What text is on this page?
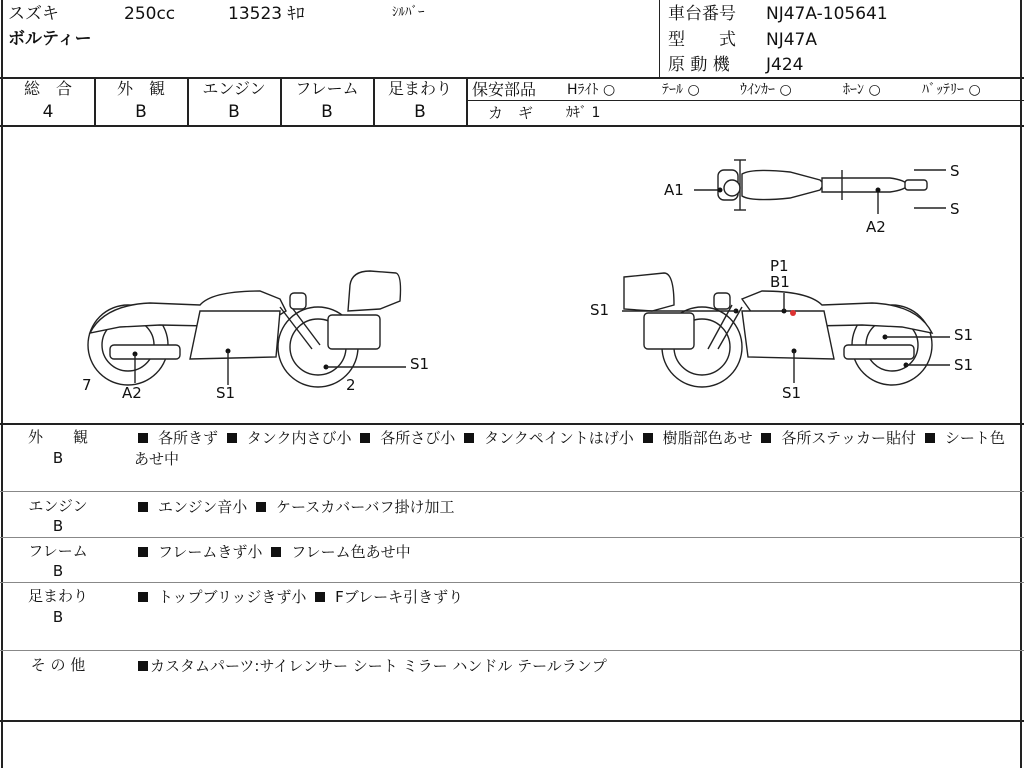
スズキ	250cc	13523 ｷﾛ	ｼﾙﾊﾞｰ
ボルティー
車台番号 NJ47A-105641
型　　式 NJ47A
原 動 機 J424
総　合
4
外　観
B
エンジン
B
フレーム
B
足まわり
B
保安部品 Hﾗｲﾄ ○	ﾃｰﾙ ○	ｳｲﾝｶｰ ○	ﾎｰﾝ ○	ﾊﾞｯﾃﾘｰ ○
カ　ギ ｶｷﾞ 1
A1
S
S
A2
7 A2	S1	2
S1
P1
B1
S1
S1
S1
S1
外　　観
B
各所きず タンク内さび小 各所さび小 タンクペイントはげ小 樹脂部色あせ 各所ステッカー貼付 シート色あせ中
エンジン
B
エンジン音小 ケースカバーバフ掛け加工
フレーム
B
フレームきず小 フレーム色あせ中
足まわり
B
トップブリッジきず小 Fブレーキ引きずり
そ の 他	カスタムパーツ:サイレンサー シート ミラー ハンドル テールランプ
